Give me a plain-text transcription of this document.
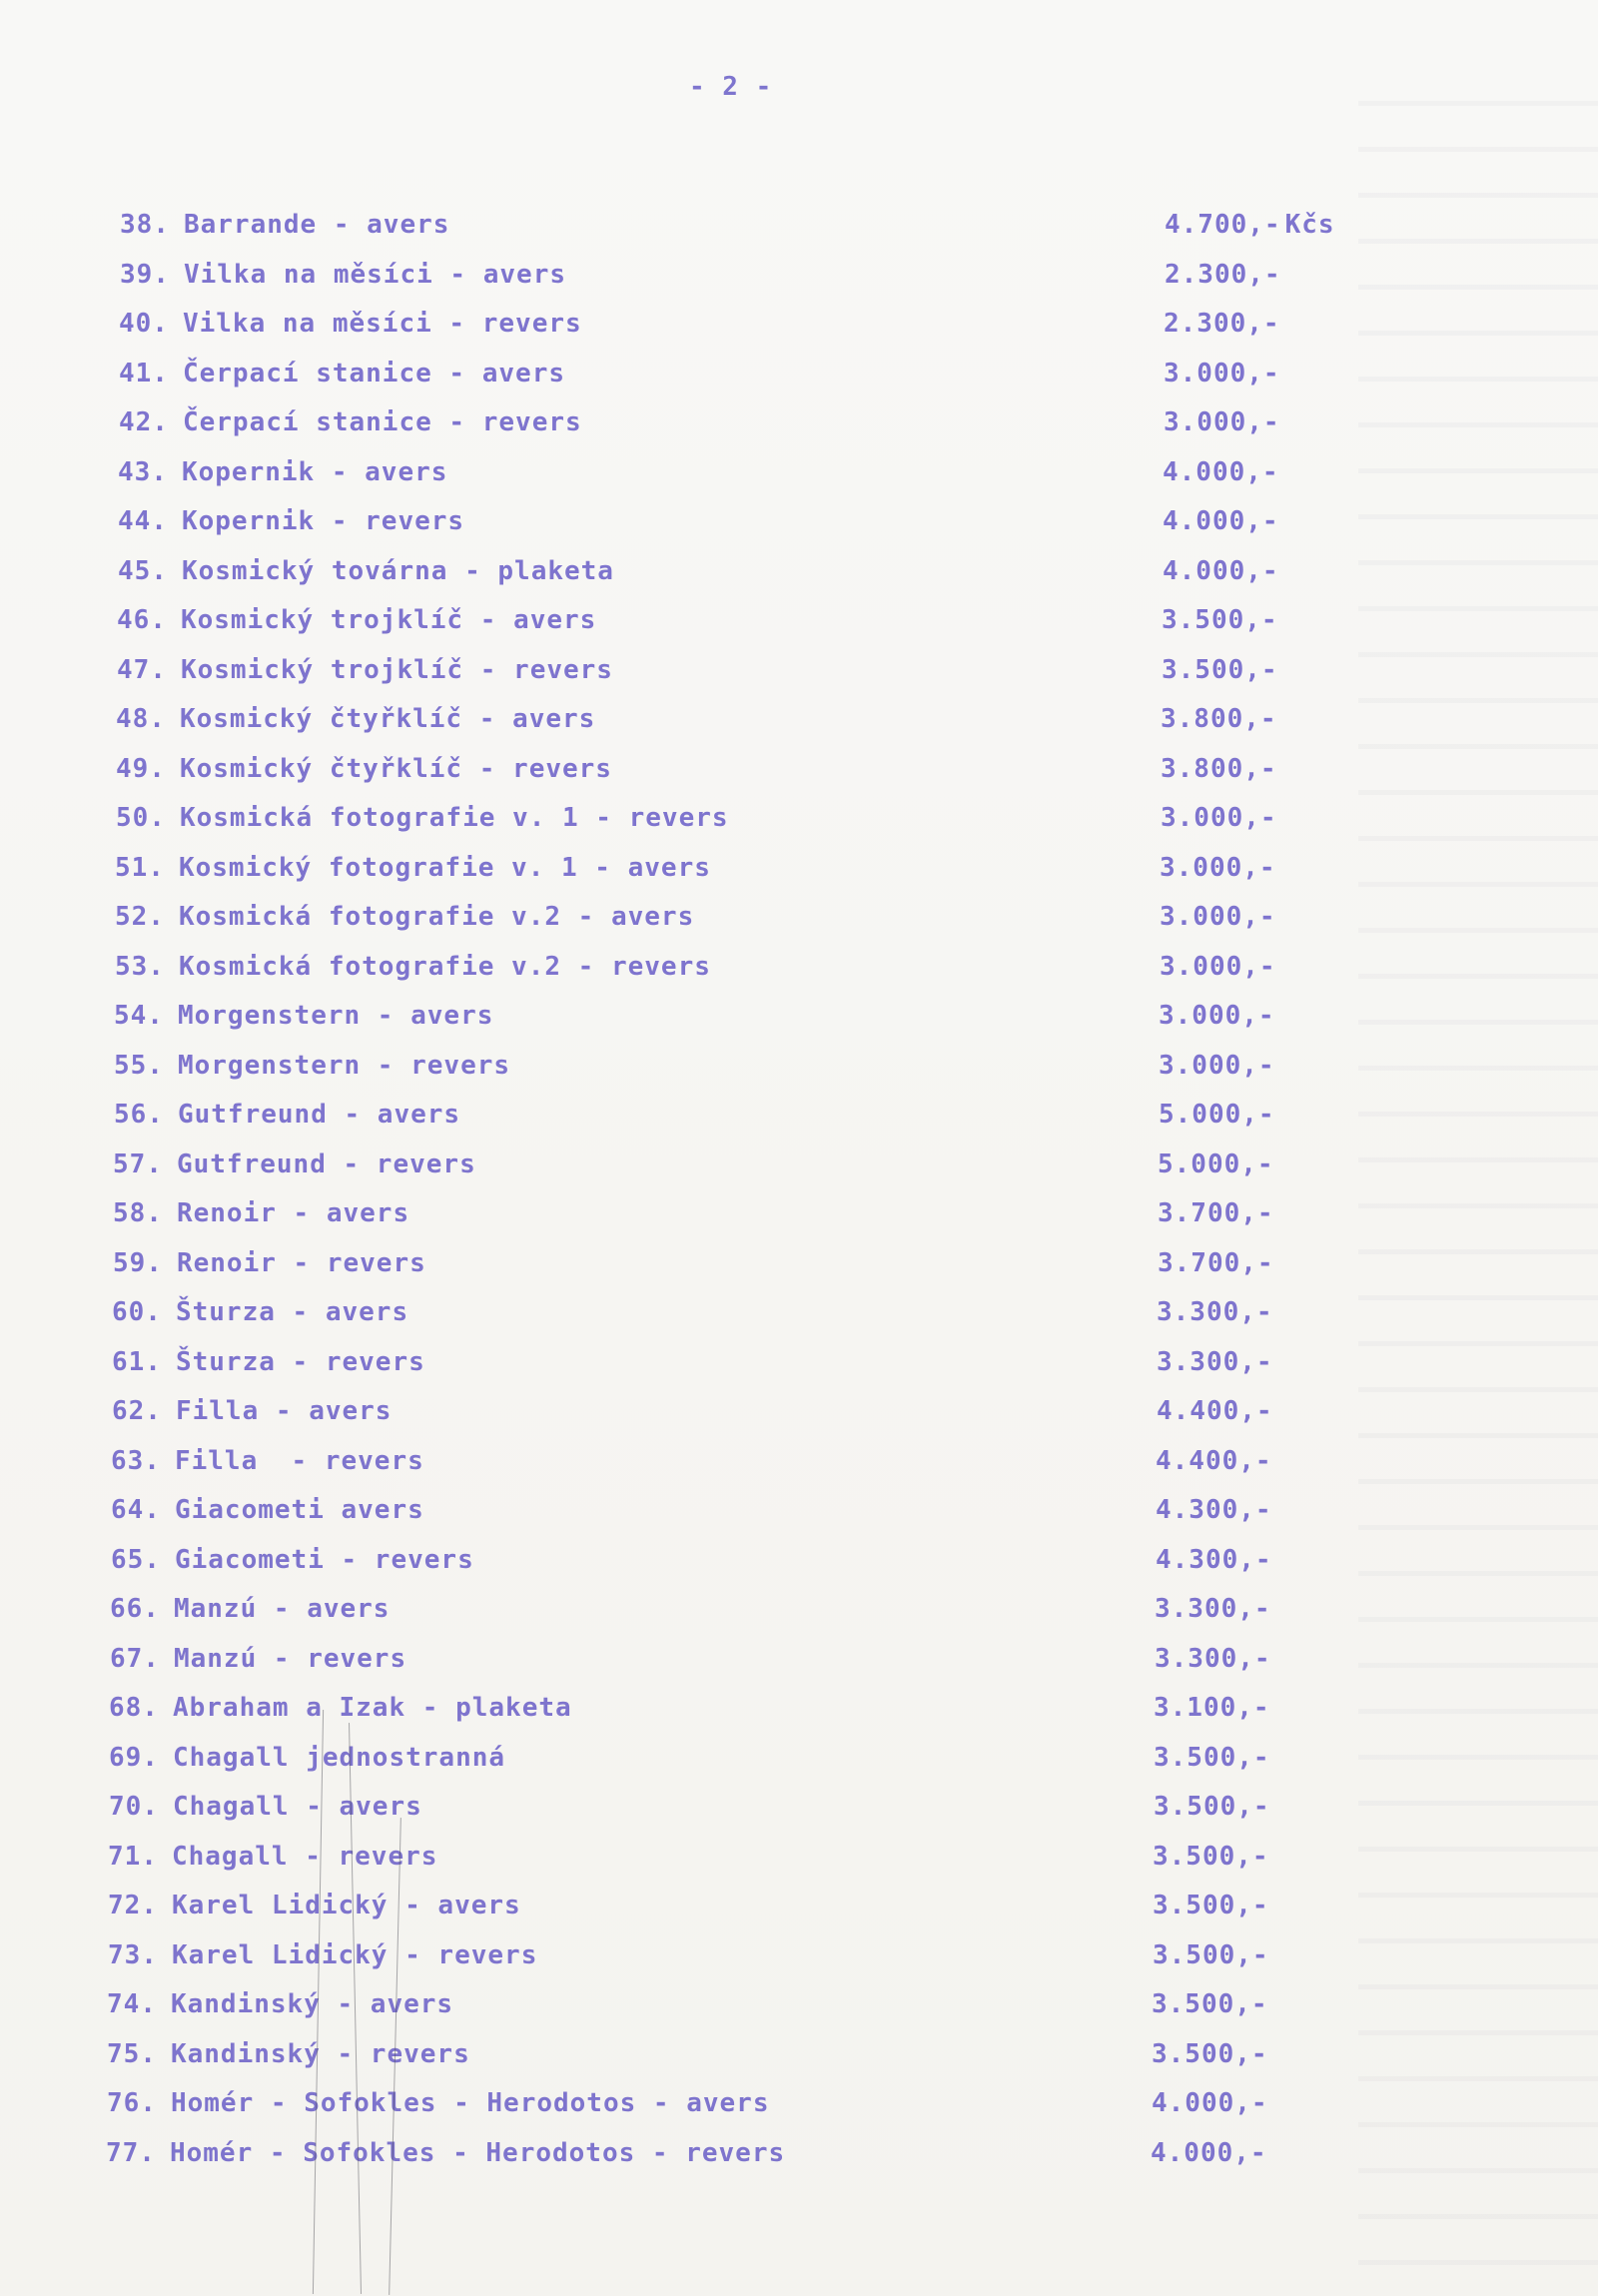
- 2 -
38. Barrande - avers	4.700,- Kčs
39. Vilka na měsíci - avers	2.300,-
40. Vilka na měsíci - revers	2.300,-
41. Čerpací stanice - avers	3.000,-
42. Čerpací stanice - revers	3.000,-
43. Kopernik - avers	4.000,-
44. Kopernik - revers	4.000,-
45. Kosmický továrna - plaketa	4.000,-
46. Kosmický trojklíč - avers	3.500,-
47. Kosmický trojklíč - revers	3.500,-
48. Kosmický čtyřklíč - avers	3.800,-
49. Kosmický čtyřklíč - revers	3.800,-
50. Kosmická fotografie v. 1 - revers	3.000,-
51. Kosmický fotografie v. 1 - avers	3.000,-
52. Kosmická fotografie v.2 - avers	3.000,-
53. Kosmická fotografie v.2 - revers	3.000,-
54. Morgenstern - avers	3.000,-
55. Morgenstern - revers	3.000,-
56. Gutfreund - avers	5.000,-
57. Gutfreund - revers	5.000,-
58. Renoir - avers	3.700,-
59. Renoir - revers	3.700,-
60. Šturza - avers	3.300,-
61. Šturza - revers	3.300,-
62. Filla - avers	4.400,-
63. Filla  - revers	4.400,-
64. Giacometi avers	4.300,-
65. Giacometi - revers	4.300,-
66. Manzú - avers	3.300,-
67. Manzú - revers	3.300,-
68. Abraham a Izak - plaketa	3.100,-
69. Chagall jednostranná	3.500,-
70. Chagall - avers	3.500,-
71. Chagall - revers	3.500,-
72. Karel Lidický - avers	3.500,-
73. Karel Lidický - revers	3.500,-
74. Kandinský - avers	3.500,-
75. Kandinský - revers	3.500,-
76. Homér - Sofokles - Herodotos - avers	4.000,-
77. Homér - Sofokles - Herodotos - revers	4.000,-
